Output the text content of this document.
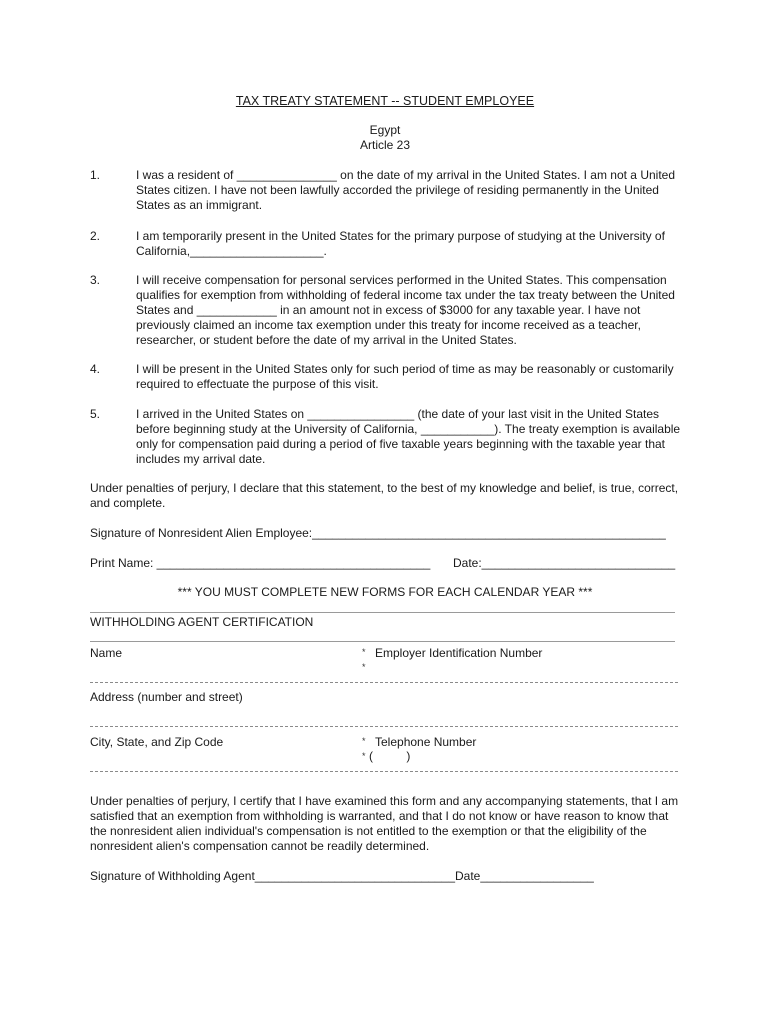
TAX TREATY STATEMENT -- STUDENT EMPLOYEE
Egypt
Article 23
1.	I was a resident of _______________ on the date of my arrival in the United States. I am not a United States citizen. I have not been lawfully accorded the privilege of residing permanently in the United States as an immigrant.
2.	I am temporarily present in the United States for the primary purpose of studying at the University of California,____________________.
3.	I will receive compensation for personal services performed in the United States. This compensation qualifies for exemption from withholding of federal income tax under the tax treaty between the United States and ____________ in an amount not in excess of $3000 for any taxable year. I have not previously claimed an income tax exemption under this treaty for income received as a teacher, researcher, or student before the date of my arrival in the United States.
4.	I will be present in the United States only for such period of time as may be reasonably or customarily required to effectuate the purpose of this visit.
5.	I arrived in the United States on ________________ (the date of your last visit in the United States before beginning study at the University of California, ___________). The treaty exemption is available only for compensation paid during a period of five taxable years beginning with the taxable year that includes my arrival date.
Under penalties of perjury, I declare that this statement, to the best of my knowledge and belief, is true, correct, and complete.
Signature of Nonresident Alien Employee:_____________________________________________________
Print Name: _________________________________________ Date:_____________________________
*** YOU MUST COMPLETE NEW FORMS FOR EACH CALENDAR YEAR ***
WITHHOLDING AGENT CERTIFICATION
Name	* Employer Identification Number
*
Address (number and street)
City, State, and Zip Code	* Telephone Number
* (          )
Under penalties of perjury, I certify that I have examined this form and any accompanying statements, that I am satisfied that an exemption from withholding is warranted, and that I do not know or have reason to know that the nonresident alien individual's compensation is not entitled to the exemption or that the eligibility of the nonresident alien's compensation cannot be readily determined.
Signature of Withholding Agent______________________________Date_________________
